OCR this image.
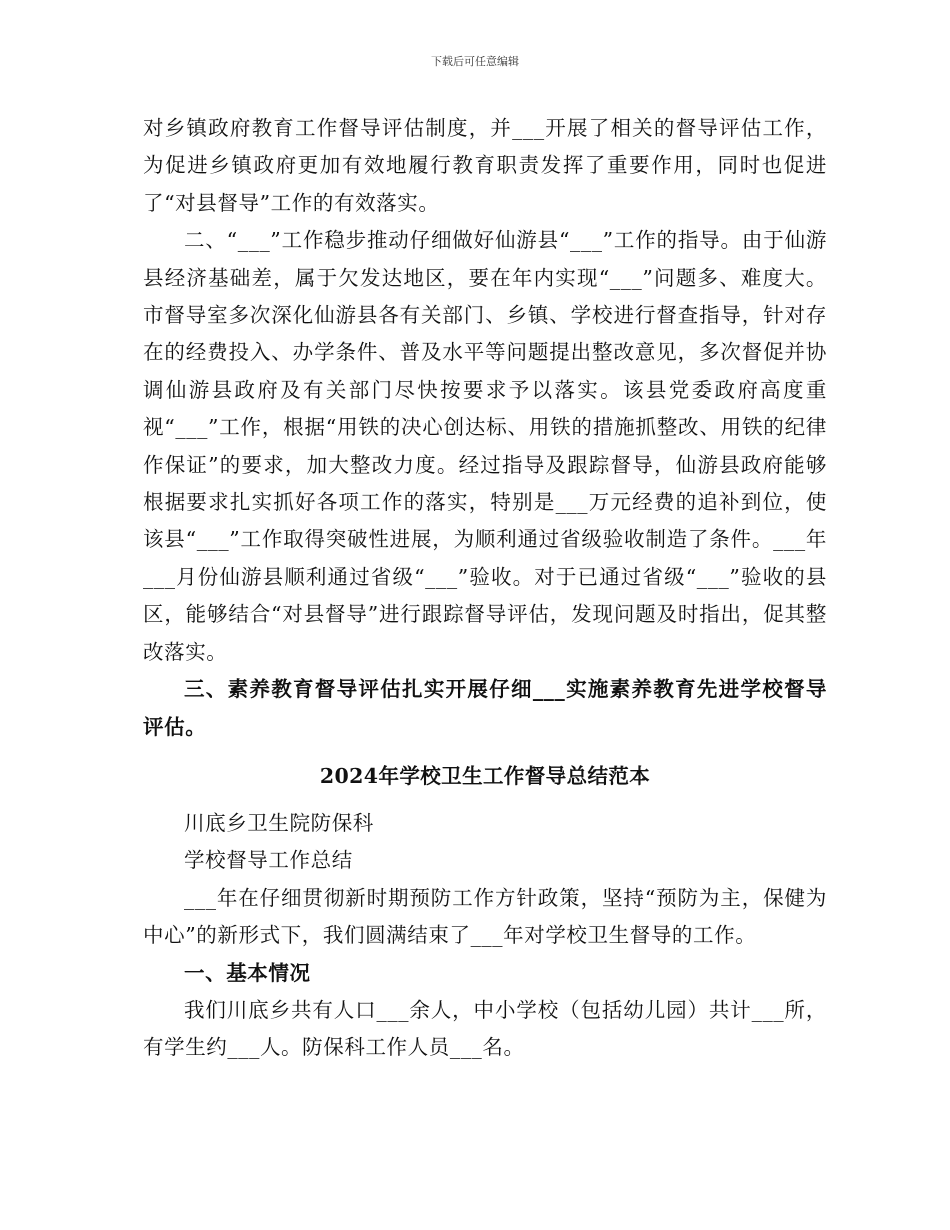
下载后可任意编辑

对乡镇政府教育工作督导评估制度，并___开展了相关的督导评估工作，为促进乡镇政府更加有效地履行教育职责发挥了重要作用，同时也促进了“对县督导”工作的有效落实。

二、“___”工作稳步推动仔细做好仙游县“___”工作的指导。由于仙游县经济基础差，属于欠发达地区，要在年内实现“___”问题多、难度大。市督导室多次深化仙游县各有关部门、乡镇、学校进行督查指导，针对存在的经费投入、办学条件、普及水平等问题提出整改意见，多次督促并协调仙游县政府及有关部门尽快按要求予以落实。该县党委政府高度重视“___”工作，根据“用铁的决心创达标、用铁的措施抓整改、用铁的纪律作保证”的要求，加大整改力度。经过指导及跟踪督导，仙游县政府能够根据要求扎实抓好各项工作的落实，特别是___万元经费的追补到位，使该县“___”工作取得突破性进展，为顺利通过省级验收制造了条件。___年___月份仙游县顺利通过省级“___”验收。对于已通过省级“___”验收的县区，能够结合“对县督导”进行跟踪督导评估，发现问题及时指出，促其整改落实。

三、素养教育督导评估扎实开展仔细___实施素养教育先进学校督导评估。

2024年学校卫生工作督导总结范本

川底乡卫生院防保科

学校督导工作总结

___年在仔细贯彻新时期预防工作方针政策，坚持“预防为主，保健为中心”的新形式下，我们圆满结束了___年对学校卫生督导的工作。

一、基本情况

我们川底乡共有人口___余人，中小学校（包括幼儿园）共计___所，有学生约___人。防保科工作人员___名。
